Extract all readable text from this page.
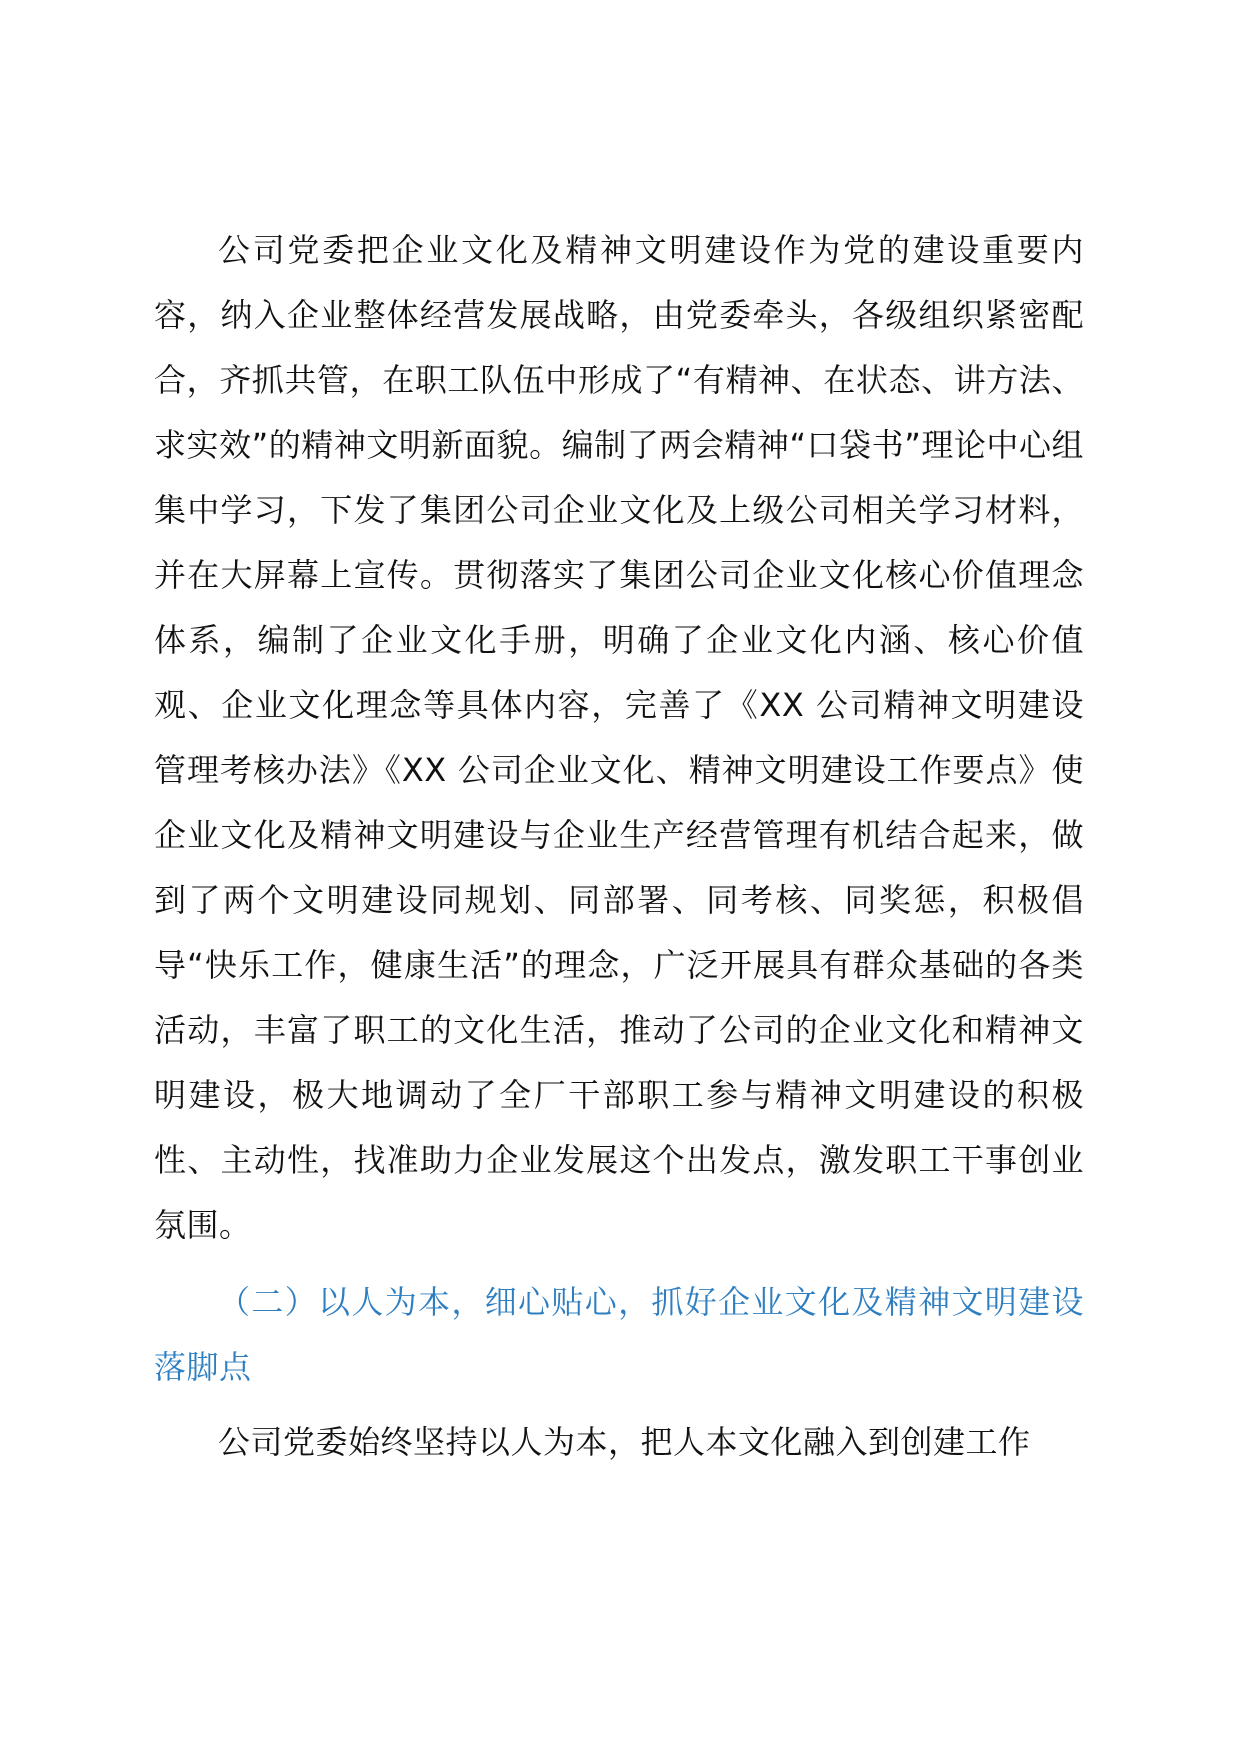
公司党委把企业文化及精神文明建设作为党的建设重要内容，纳入企业整体经营发展战略，由党委牵头，各级组织紧密配合，齐抓共管，在职工队伍中形成了“有精神、在状态、讲方法、求实效”的精神文明新面貌。编制了两会精神“口袋书”理论中心组集中学习，下发了集团公司企业文化及上级公司相关学习材料，并在大屏幕上宣传。贯彻落实了集团公司企业文化核心价值理念体系，编制了企业文化手册，明确了企业文化内涵、核心价值观、企业文化理念等具体内容，完善了《XX 公司精神文明建设管理考核办法》《XX 公司企业文化、精神文明建设工作要点》使企业文化及精神文明建设与企业生产经营管理有机结合起来，做到了两个文明建设同规划、同部署、同考核、同奖惩，积极倡导“快乐工作，健康生活”的理念，广泛开展具有群众基础的各类活动，丰富了职工的文化生活，推动了公司的企业文化和精神文明建设，极大地调动了全厂干部职工参与精神文明建设的积极性、主动性，找准助力企业发展这个出发点，激发职工干事创业氛围。

（二）以人为本，细心贴心，抓好企业文化及精神文明建设落脚点

公司党委始终坚持以人为本，把人本文化融入到创建工作
